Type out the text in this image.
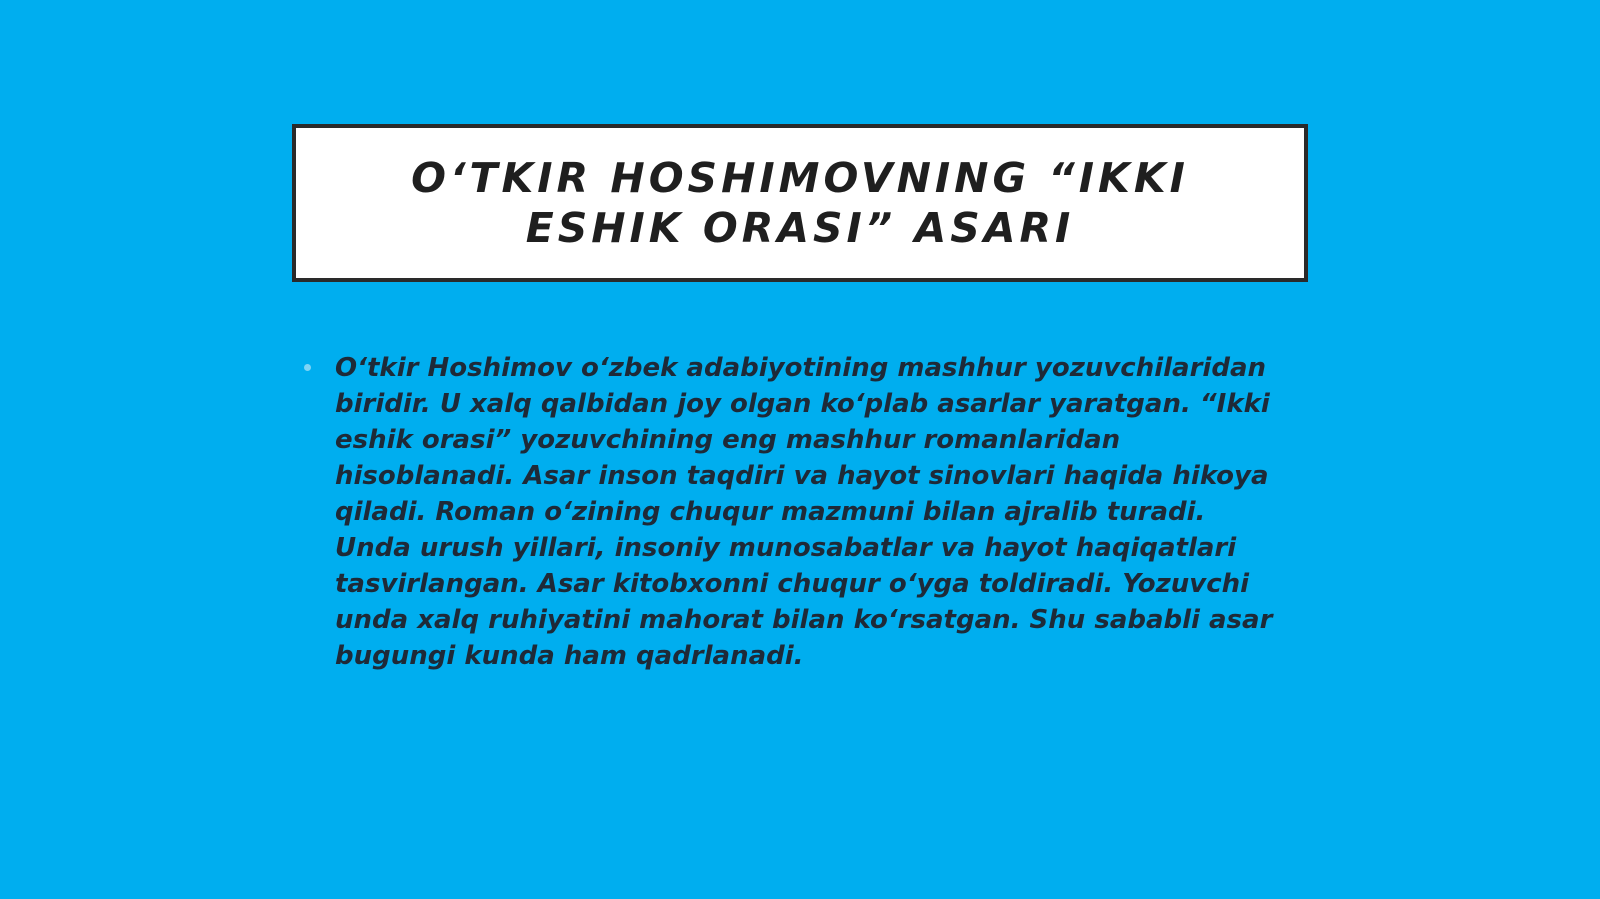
O‘TKIR HOSHIMOVNING “IKKI ESHIK ORASI” ASARI
O‘tkir Hoshimov o‘zbek adabiyotining mashhur yozuvchilaridan biridir. U xalq qalbidan joy olgan ko‘plab asarlar yaratgan. “Ikki eshik orasi” yozuvchining eng mashhur romanlaridan hisoblanadi. Asar inson taqdiri va hayot sinovlari haqida hikoya qiladi. Roman o‘zining chuqur mazmuni bilan ajralib turadi. Unda urush yillari, insoniy munosabatlar va hayot haqiqatlari tasvirlangan. Asar kitobxonni chuqur o‘yga toldiradi. Yozuvchi unda xalq ruhiyatini mahorat bilan ko‘rsatgan. Shu sababli asar bugungi kunda ham qadrlanadi.
